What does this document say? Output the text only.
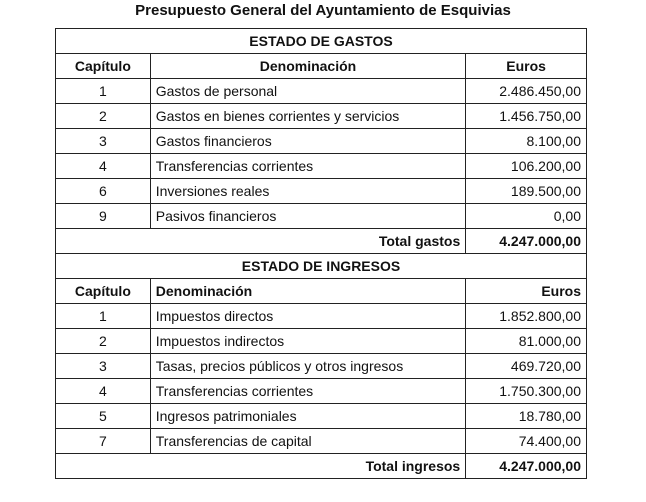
Presupuesto General del Ayuntamiento de Esquivias
ESTADO DE GASTOS		
Capítulo	Denominación	Euros
1	Gastos de personal	2.486.450,00
2	Gastos en bienes corrientes y servicios	1.456.750,00
3	Gastos financieros	8.100,00
4	Transferencias corrientes	106.200,00
6	Inversiones reales	189.500,00
9	Pasivos financieros	0,00
Total gastos		4.247.000,00
ESTADO DE INGRESOS		
Capítulo	Denominación	Euros
1	Impuestos directos	1.852.800,00
2	Impuestos indirectos	81.000,00
3	Tasas, precios públicos y otros ingresos	469.720,00
4	Transferencias corrientes	1.750.300,00
5	Ingresos patrimoniales	18.780,00
7	Transferencias de capital	74.400,00
Total ingresos		4.247.000,00
